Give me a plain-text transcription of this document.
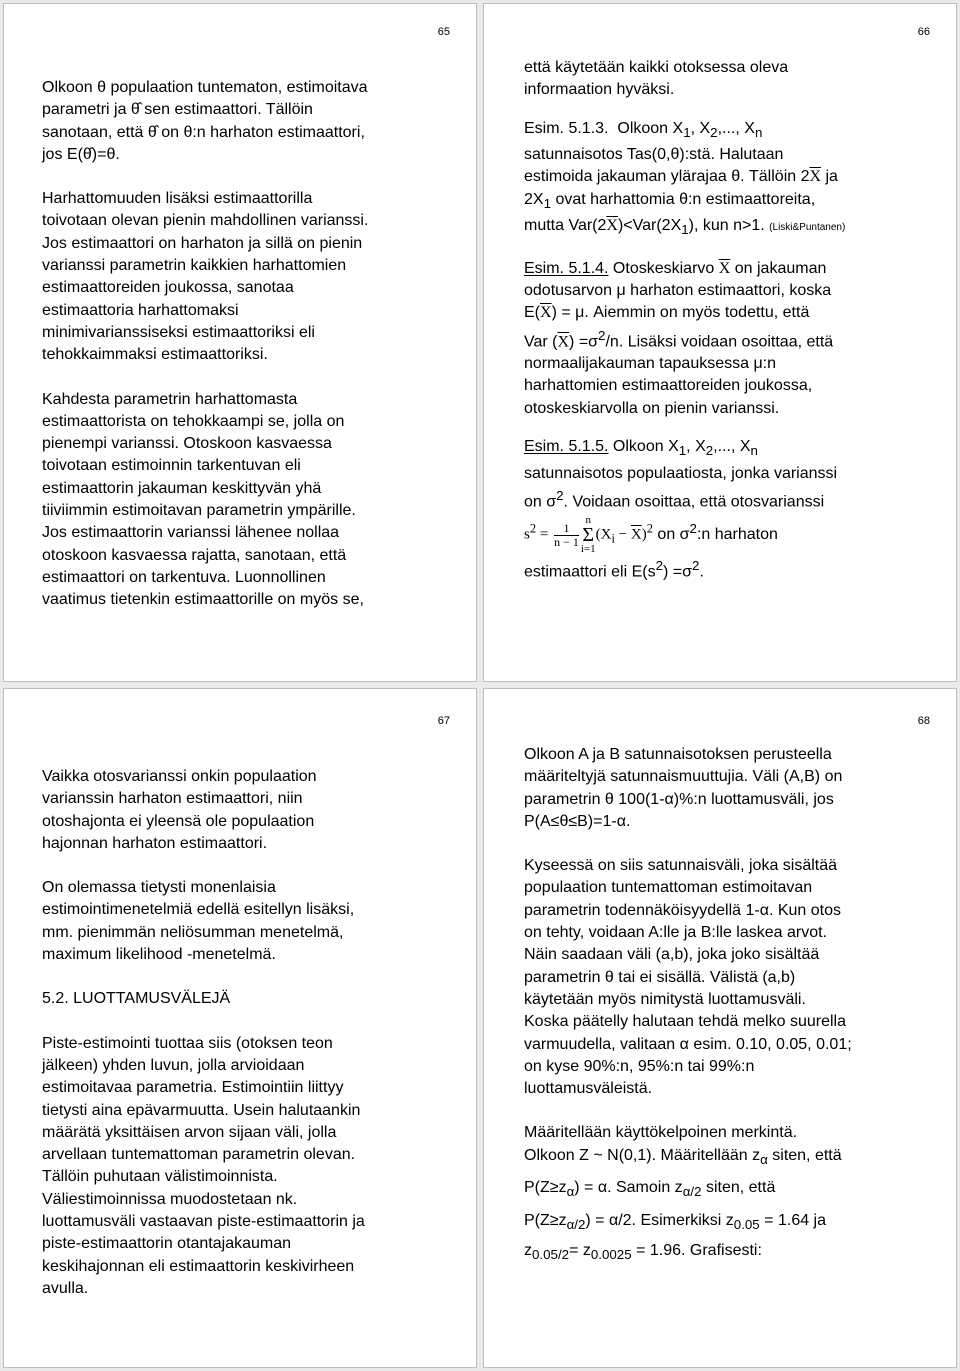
65

Olkoon θ populaation tuntematon, estimoitava

parametri ja θ̂ sen estimaattori. Tällöin

sanotaan, että θ̂ on θ:n harhaton estimaattori,

jos E(θ̂)=θ.

Harhattomuuden lisäksi estimaattorilla

toivotaan olevan pienin mahdollinen varianssi.

Jos estimaattori on harhaton ja sillä on pienin

varianssi parametrin kaikkien harhattomien

estimaattoreiden joukossa, sanotaa

estimaattoria harhattomaksi

minimivarianssiseksi estimaattoriksi eli

tehokkaimmaksi estimaattoriksi.

Kahdesta parametrin harhattomasta

estimaattorista on tehokkaampi se, jolla on

pienempi varianssi. Otoskoon kasvaessa

toivotaan estimoinnin tarkentuvan eli

estimaattorin jakauman keskittyvän yhä

tiiviimmin estimoitavan parametrin ympärille.

Jos estimaattorin varianssi lähenee nollaa

otoskoon kasvaessa rajatta, sanotaan, että

estimaattori on tarkentuva. Luonnollinen

vaatimus tietenkin estimaattorille on myös se,

66

että käytetään kaikki otoksessa oleva

informaation hyväksi.

Esim. 5.1.3. Olkoon $X_1$, $X_2$,..., $X_n$

satunnaisotos Tas(0,θ):stä. Halutaan

estimoida jakauman ylärajaa θ. Tällöin $2\overline{X}$ ja

$2X_1$ ovat harhattomia θ:n estimaattoreita,

mutta $Var(2\overline{X})<Var(2X_1)$, kun n>1. (Liski&Puntanen)

Esim. 5.1.4. Otoskeskiarvo $\overline{X}$ on jakauman

odotusarvon μ harhaton estimaattori, koska

$E(\overline{X}) = \mu$. Aiemmin on myös todettu, että

Var $(\overline{X}) =\sigma^2/n$. Lisäksi voidaan osoittaa, että

normaalijakauman tapauksessa μ:n

harhattomien estimaattoreiden joukossa,

otoskeskiarvolla on pienin varianssi.

Esim. 5.1.5. Olkoon $X_1$, $X_2$,..., $X_n$

satunnaisotos populaatiosta, jonka varianssi

on $\sigma^2$. Voidaan osoittaa, että otosvarianssi

$s^2 = \frac{1}{n - 1}$
n
Σ
i=1
$(X_i - \overline{X})^2$ on $\sigma^2:n$ harhaton

estimaattori eli $E(s^2) =\sigma^2$.

67

Vaikka otosvarianssi onkin populaation

varianssin harhaton estimaattori, niin

otoshajonta ei yleensä ole populaation

hajonnan harhaton estimaattori.

On olemassa tietysti monenlaisia

estimointimenetelmiä edellä esitellyn lisäksi,

mm. pienimmän neliösumman menetelmä,

maximum likelihood -menetelmä.

5.2. LUOTTAMUSVÄLEJÄ

Piste-estimointi tuottaa siis (otoksen teon

jälkeen) yhden luvun, jolla arvioidaan

estimoitavaa parametria. Estimointiin liittyy

tietysti aina epävarmuutta. Usein halutaankin

määrätä yksittäisen arvon sijaan väli, jolla

arvellaan tuntemattoman parametrin olevan.

Tällöin puhutaan välistimoinnista.

Väliestimoinnissa muodostetaan nk.

luottamusväli vastaavan piste-estimaattorin ja

piste-estimaattorin otantajakauman

keskihajonnan eli estimaattorin keskivirheen

avulla.

68

Olkoon A ja B satunnaisotoksen perusteella

määriteltyjä satunnaismuuttujia. Väli (A,B) on

parametrin θ 100(1-α)%:n luottamusväli, jos

P(A≤θ≤B)=1-α.

Kyseessä on siis satunnaisväli, joka sisältää

populaation tuntemattoman estimoitavan

parametrin todennäköisyydellä 1-α. Kun otos

on tehty, voidaan A:lle ja B:lle laskea arvot.

Näin saadaan väli (a,b), joka joko sisältää

parametrin θ tai ei sisällä. Välistä (a,b)

käytetään myös nimitystä luottamusväli.

Koska päätelly halutaan tehdä melko suurella

varmuudella, valitaan α esim. 0.10, 0.05, 0.01;

on kyse 90%:n, 95%:n tai 99%:n

luottamusväleistä.

Määritellään käyttökelpoinen merkintä.

Olkoon Z ~ N(0,1). Määritellään $z_\alpha$ siten, että

$P(Z\ge z_\alpha) = \alpha$. Samoin $z_{\alpha/2}$ siten, että

$P(Z\ge z_{\alpha/2}) = \alpha/2$. Esimerkiksi $z_{0.05} = 1.64$ ja

$z_{0.05/2}= z_{0.0025} = 1.96$. Grafisesti:
